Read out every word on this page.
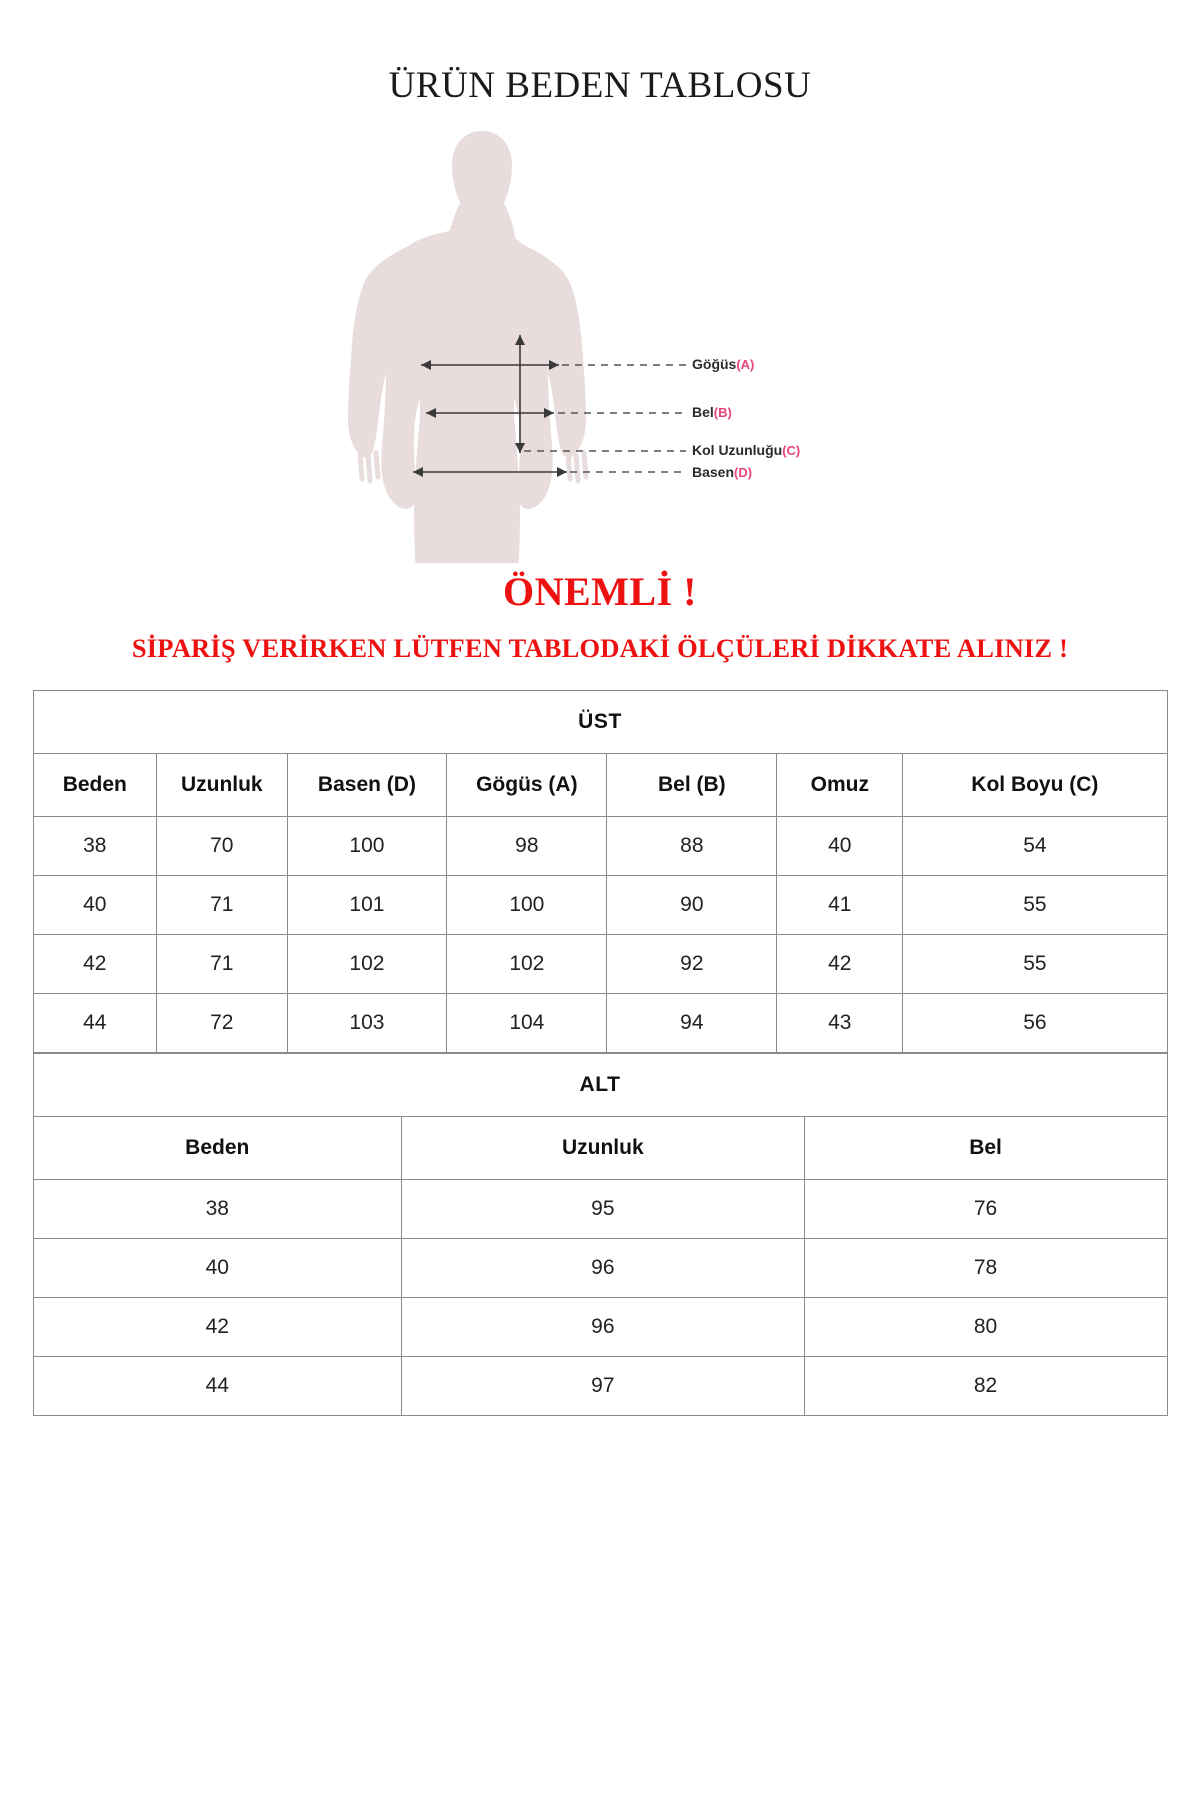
ÜRÜN BEDEN TABLOSU
Göğüs(A)
Bel(B)
Kol Uzunluğu(C)
Basen(D)

ÖNEMLİ !

SİPARİŞ VERİRKEN LÜTFEN TABLODAKİ ÖLÇÜLERİ DİKKATE ALINIZ !

ÜST						
Beden	Uzunluk	Basen (D)	Gögüs (A)	Bel (B)	Omuz	Kol Boyu (C)
38	70	100	98	88	40	54
40	71	101	100	90	41	55
42	71	102	102	92	42	55
44	72	103	104	94	43	56
ALT		
Beden	Uzunluk	Bel
38	95	76
40	96	78
42	96	80
44	97	82
